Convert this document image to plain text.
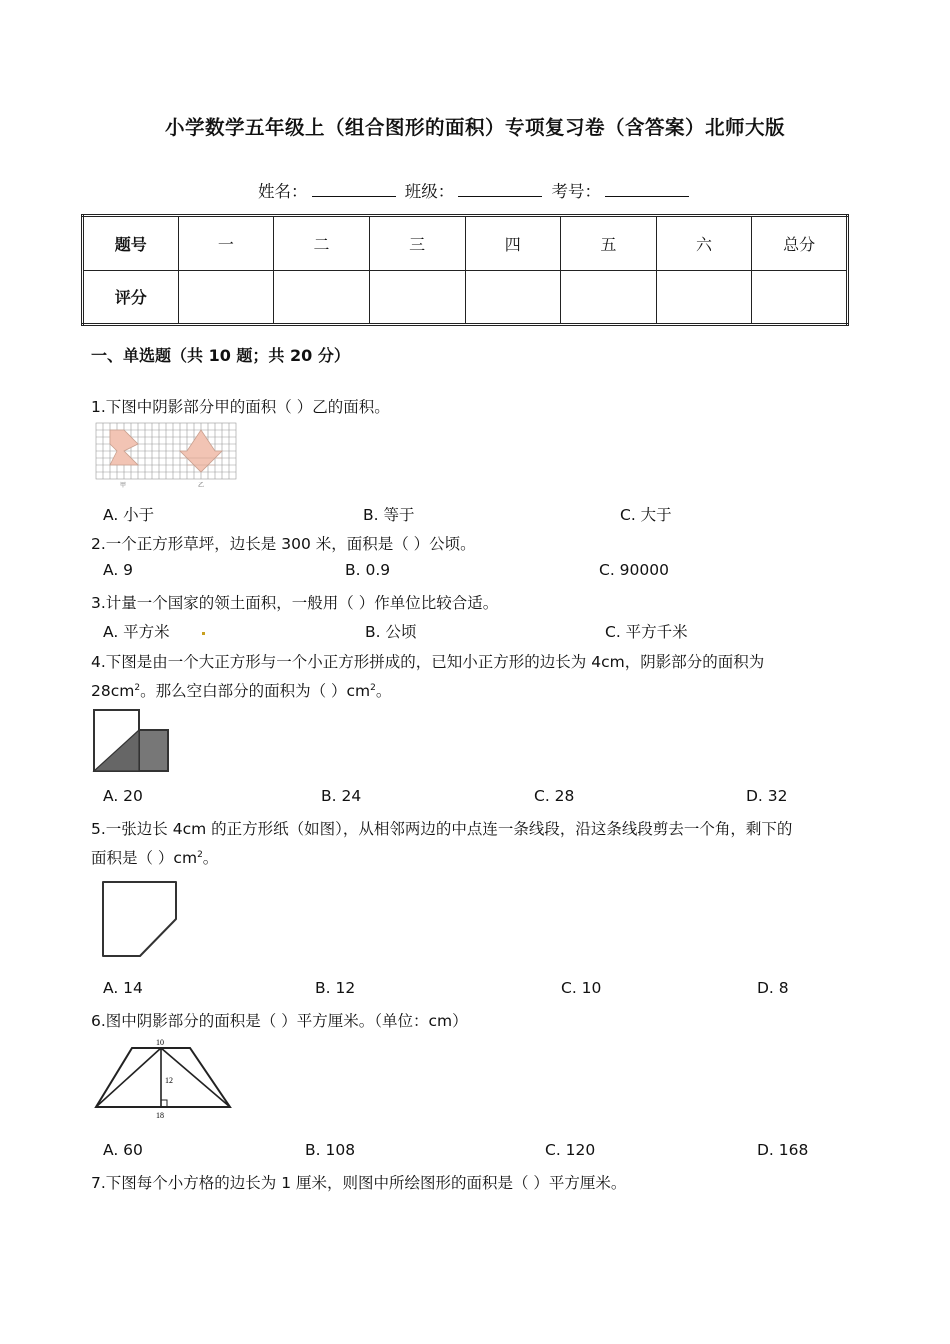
小学数学五年级上（组合图形的面积）专项复习卷（含答案）北师大版
姓名：	班级：	考号：
题号	一	二	三	四	五	六	总分
评分							
一、单选题（共 10 题；共 20 分）
1.下图中阴影部分甲的面积（ ）乙的面积。
甲	乙
A. 小于	B. 等于	C. 大于
2.一个正方形草坪，边长是 300 米，面积是（ ）公顷。
A. 9	B. 0.9	C. 90000
3.计量一个国家的领土面积，一般用（ ）作单位比较合适。
A. 平方米	B. 公顷	C. 平方千米
4.下图是由一个大正方形与一个小正方形拼成的，已知小正方形的边长为 4cm，阴影部分的面积为
$28cm^2$。那么空白部分的面积为（ ）$cm^2$。
A. 20	B. 24	C. 28	D. 32
5.一张边长 4cm 的正方形纸（如图），从相邻两边的中点连一条线段，沿这条线段剪去一个角，剩下的
面积是（ ）$cm^2$。
A. 14	B. 12	C. 10	D. 8
6.图中阴影部分的面积是（ ）平方厘米。（单位：cm）
10
12
18
A. 60	B. 108	C. 120	D. 168
7.下图每个小方格的边长为 1 厘米，则图中所绘图形的面积是（ ）平方厘米。
